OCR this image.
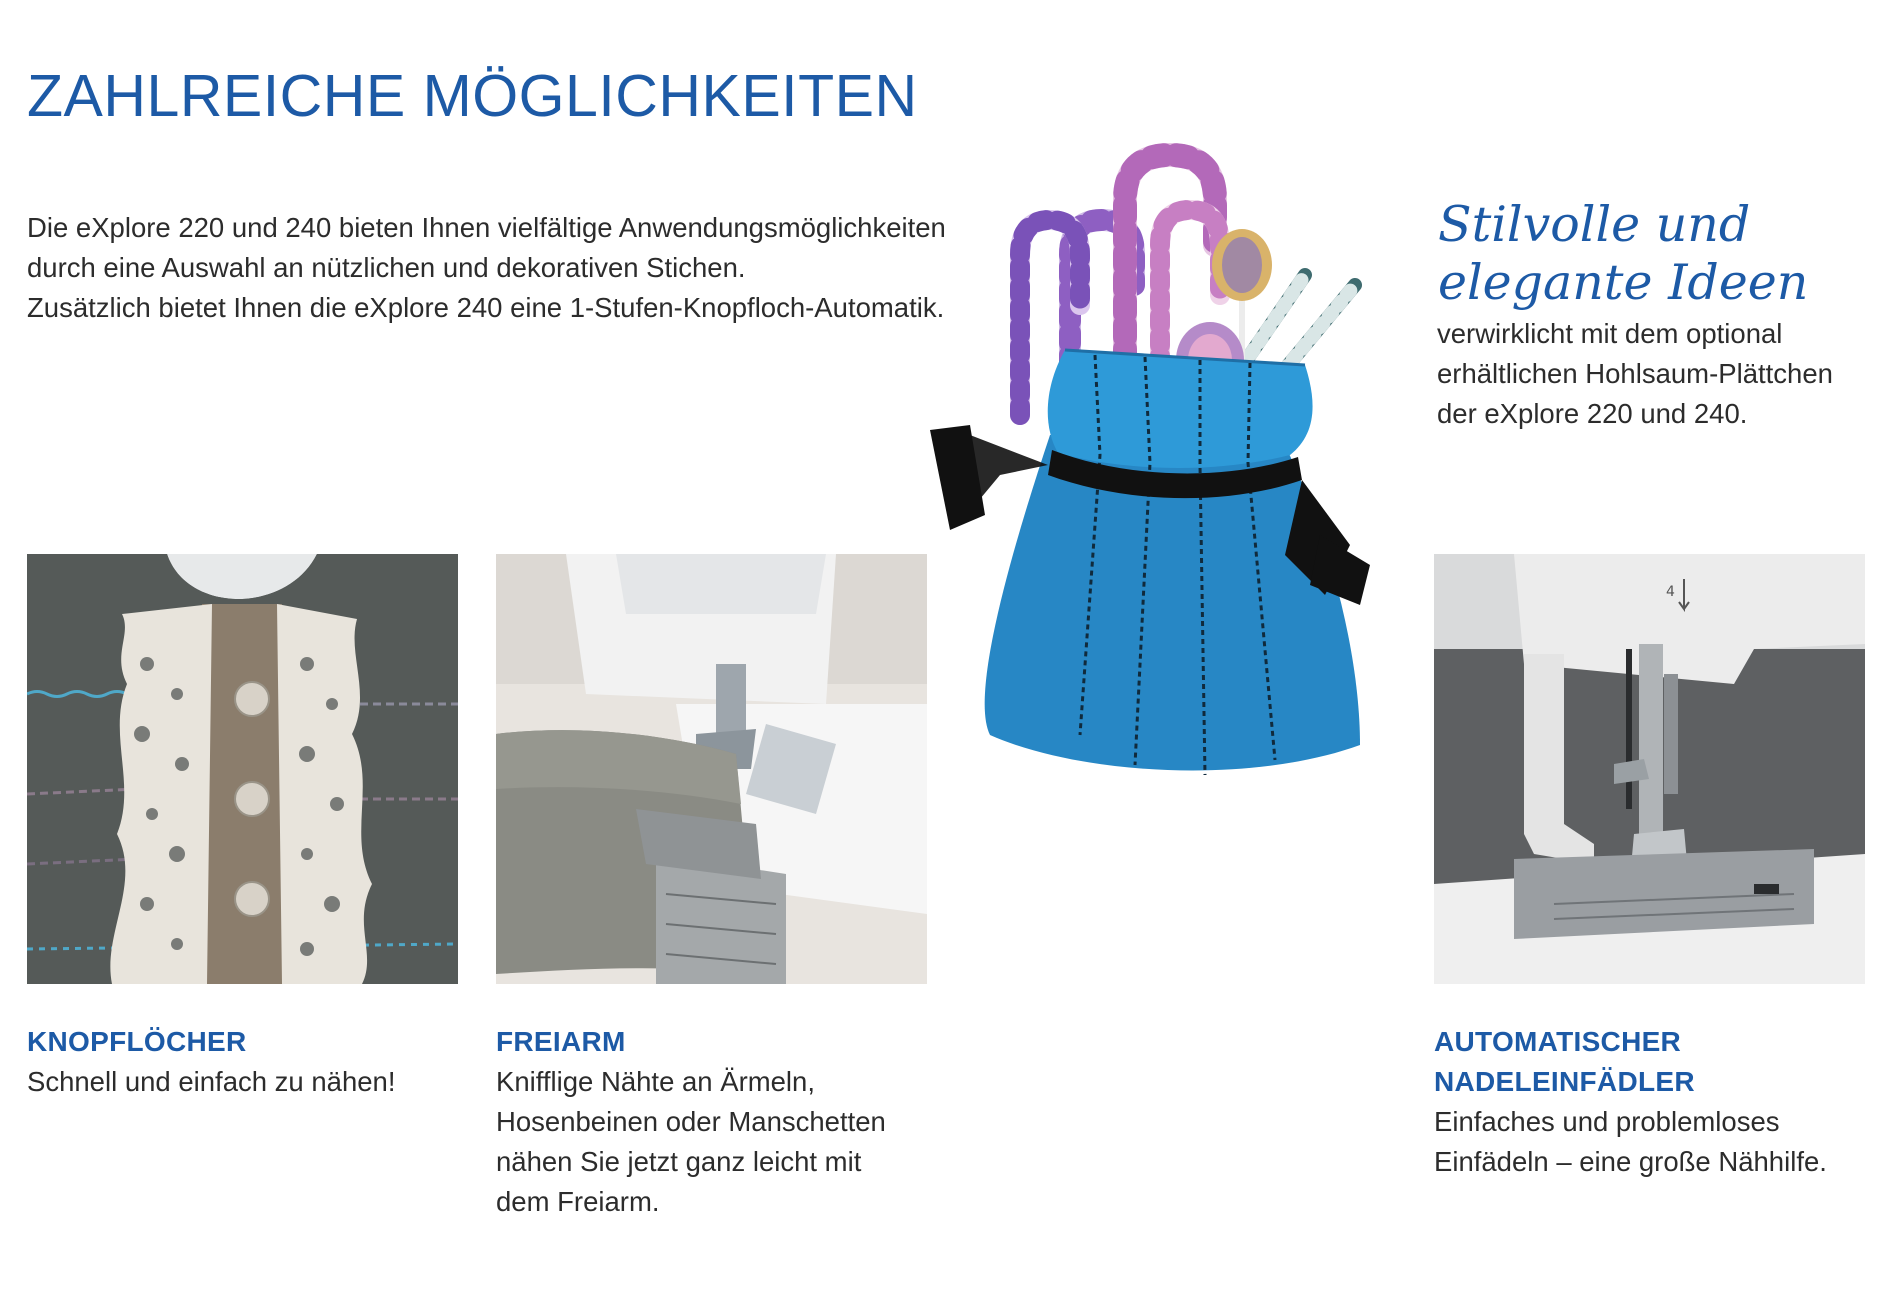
ZAHLREICHE MÖGLICHKEITEN
Die eXplore 220 und 240 bieten Ihnen vielfältige Anwendungsmöglichkeiten
durch eine Auswahl an nützlichen und dekorativen Stichen.
Zusätzlich bietet Ihnen die eXplore 240 eine 1-Stufen-Knopfloch-Automatik.
Stilvolle und
elegante Ideen
verwirklicht mit dem optional
erhältlichen Hohlsaum-Plättchen
der eXplore 220 und 240.
4
KNOPFLÖCHER
Schnell und einfach zu nähen!
FREIARM
Knifflige Nähte an Ärmeln,
Hosenbeinen oder Manschetten
nähen Sie jetzt ganz leicht mit
dem Freiarm.
AUTOMATISCHER
NADELEINFÄDLER
Einfaches und problemloses
Einfädeln – eine große Nähhilfe.
